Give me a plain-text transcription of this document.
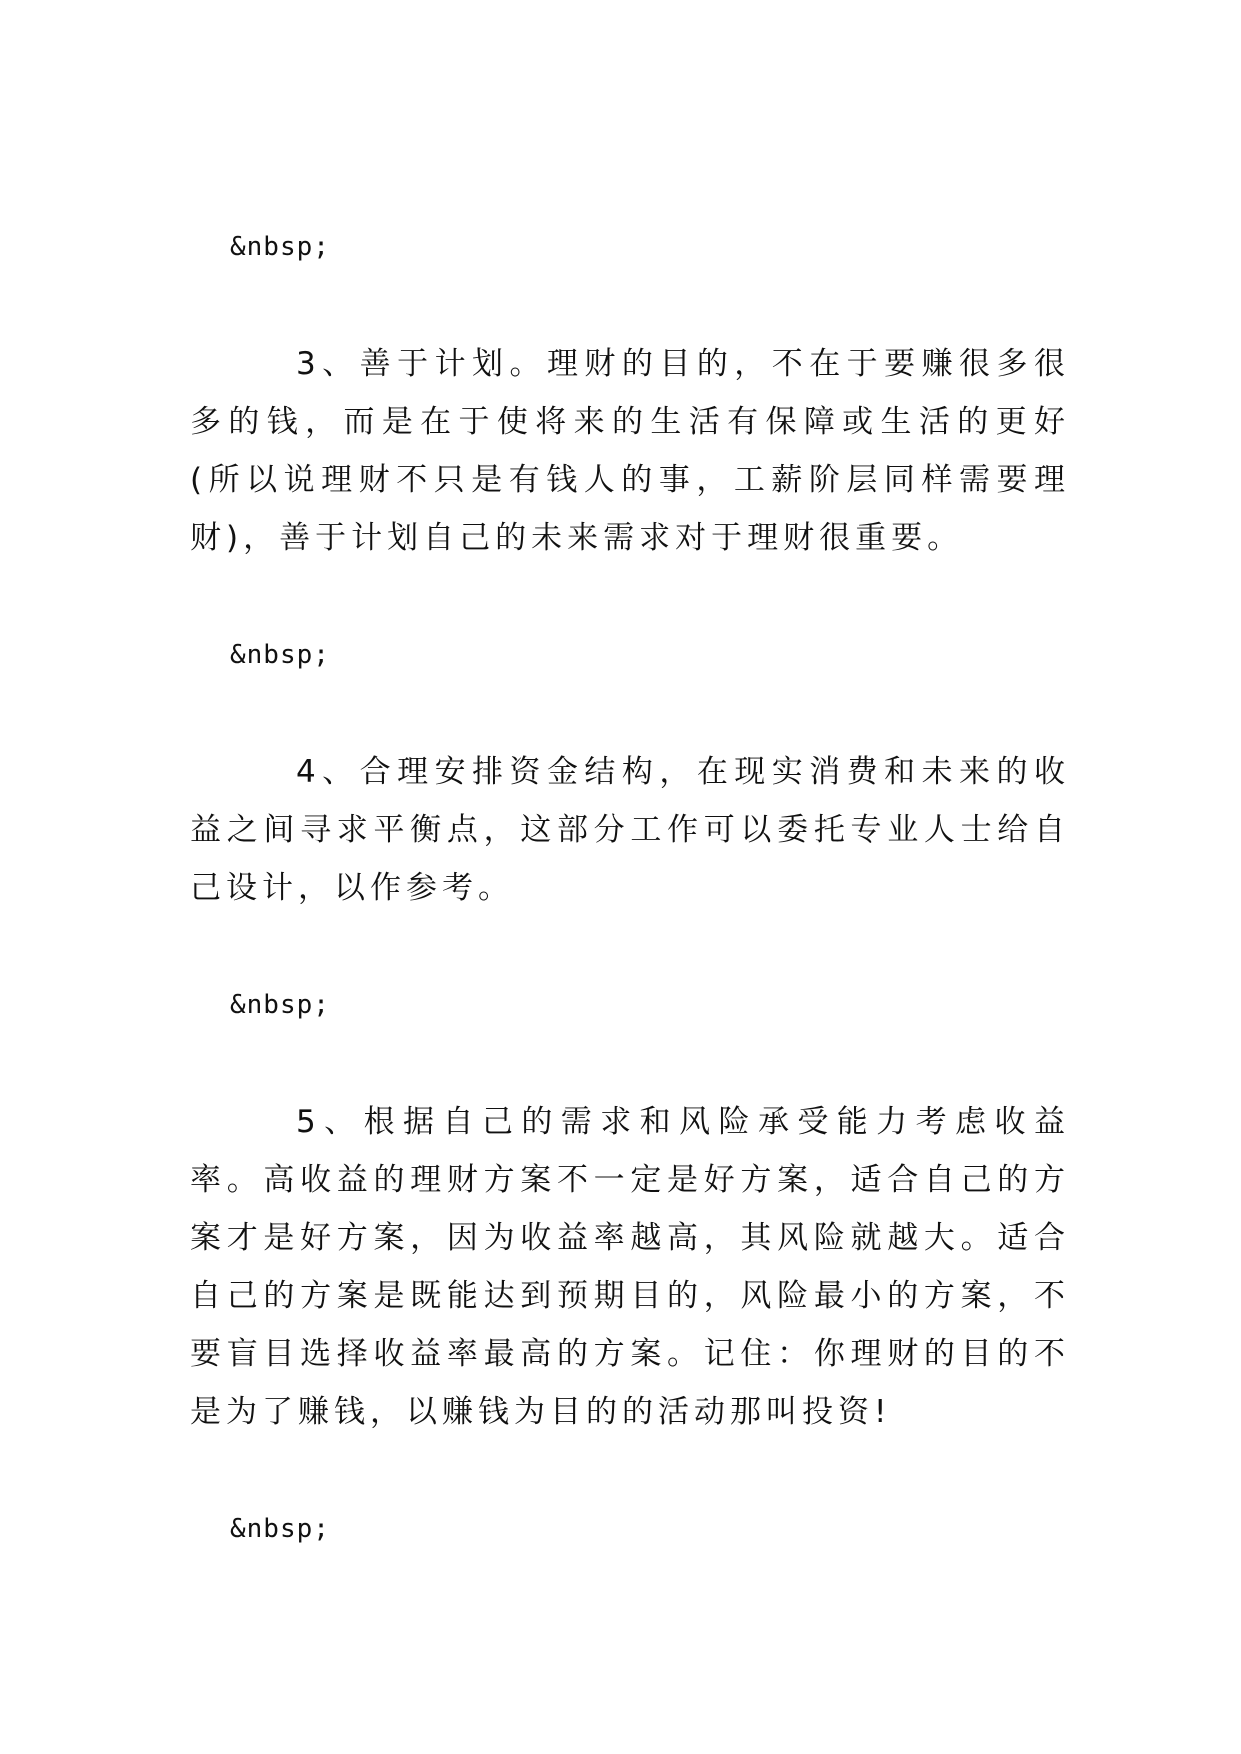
&nbsp;

3、善于计划。理财的目的，不在于要赚很多很多的钱，而是在于使将来的生活有保障或生活的更好(所以说理财不只是有钱人的事，工薪阶层同样需要理财)，善于计划自己的未来需求对于理财很重要。

&nbsp;

4、合理安排资金结构，在现实消费和未来的收益之间寻求平衡点，这部分工作可以委托专业人士给自己设计，以作参考。

&nbsp;

5、根据自己的需求和风险承受能力考虑收益率。高收益的理财方案不一定是好方案，适合自己的方案才是好方案，因为收益率越高，其风险就越大。适合自己的方案是既能达到预期目的，风险最小的方案，不要盲目选择收益率最高的方案。记住：你理财的目的不是为了赚钱，以赚钱为目的的活动那叫投资!

&nbsp;
